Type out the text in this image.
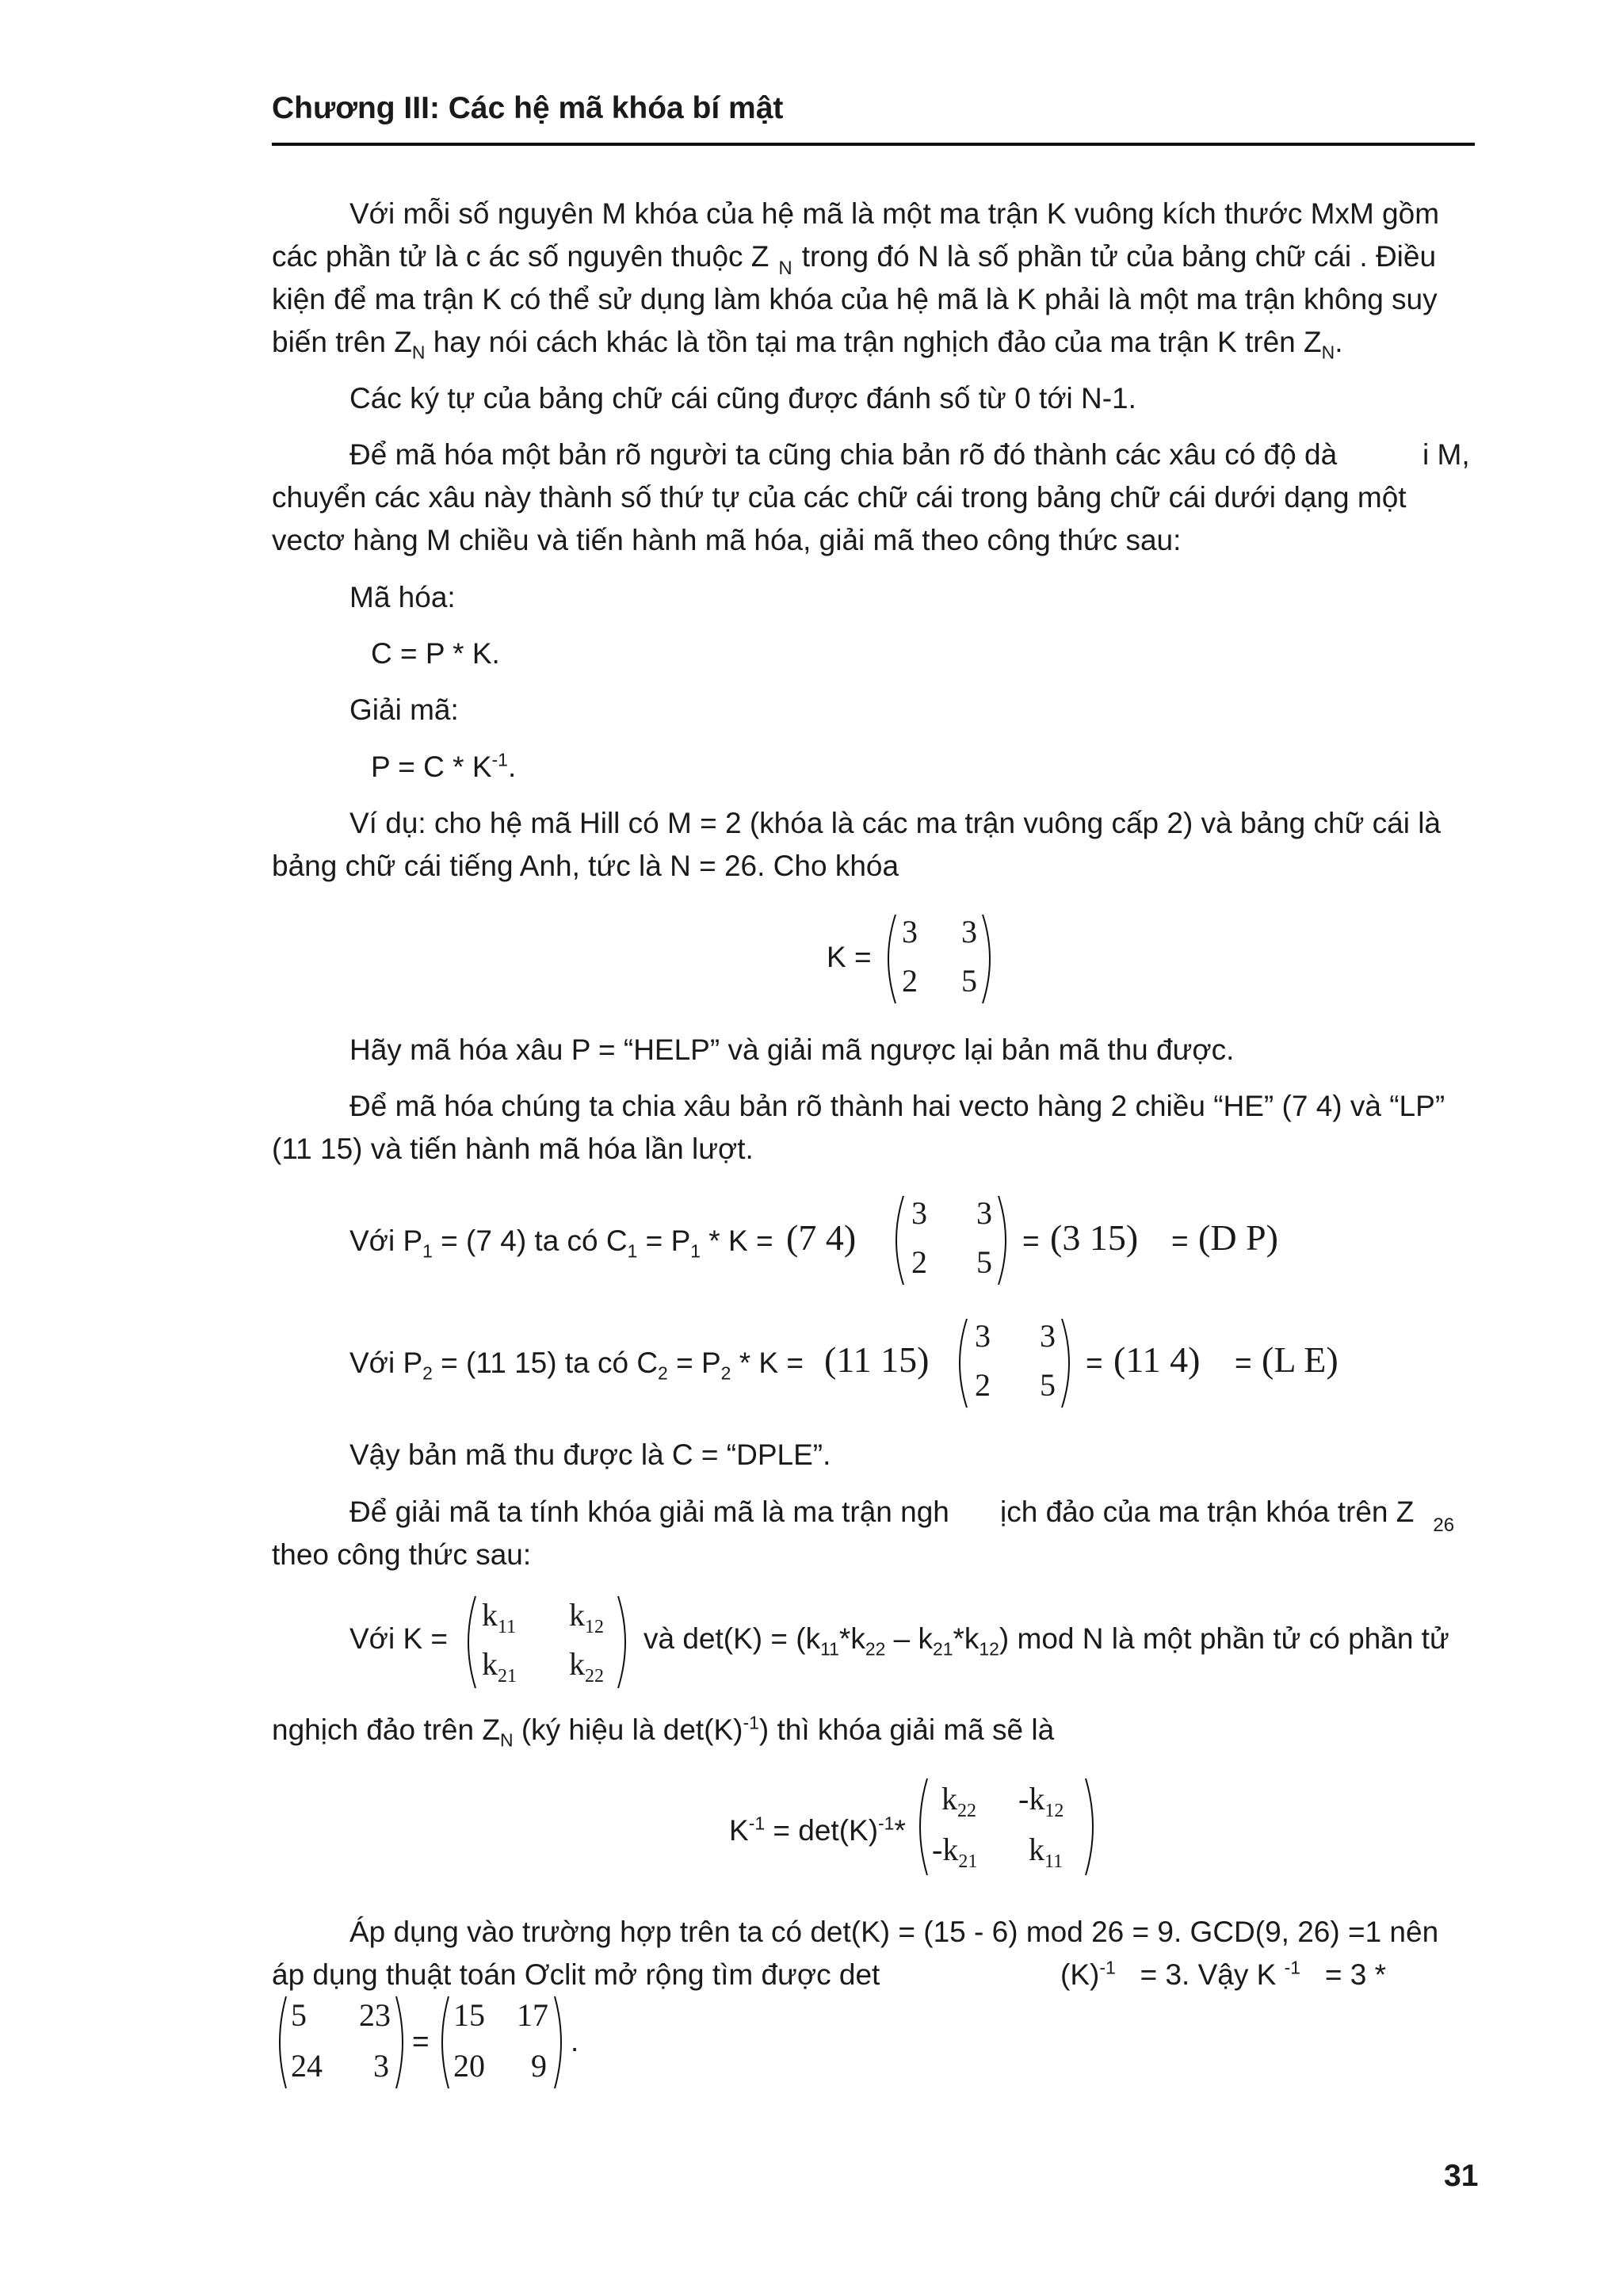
Chương III: Các hệ mã khóa bí mật
Với mỗi số nguyên M khóa của hệ mã là một ma trận K vuông kích thước MxM gồm
các phần tử là c ác số nguyên thuộc Z $_N$ trong đó N là số phần tử của bảng chữ cái . Điều
kiện để ma trận K có thể sử dụng làm khóa của hệ mã là K phải là một ma trận không suy
biến trên $Z_N$ hay nói cách khác là tồn tại ma trận nghịch đảo của ma trận K trên $Z_N$.
Các ký tự của bảng chữ cái cũng được đánh số từ 0 tới N-1.
Để mã hóa một bản rõ người ta cũng chia bản rõ đó thành các xâu có độ dà	i M,
chuyển các xâu này thành số thứ tự của các chữ cái trong bảng chữ cái dưới dạng một
vectơ hàng M chiều và tiến hành mã hóa, giải mã theo công thức sau:
Mã hóa:
C = P * K.
Giải mã:
$P = C * K^{-1}$.
Ví dụ: cho hệ mã Hill có M = 2 (khóa là các ma trận vuông cấp 2) và bảng chữ cái là
bảng chữ cái tiếng Anh, tức là N = 26. Cho khóa
K =
3 3
2 5
Hãy mã hóa xâu P = “HELP” và giải mã ngược lại bản mã thu được.
Để mã hóa chúng ta chia xâu bản rõ thành hai vecto hàng 2 chiều “HE” (7 4) và “LP”
(11 15) và tiến hành mã hóa lần lượt.
Với $P_1 = (7$ 4) ta có $C_1 = P_1 * K = (7$ 4)
3 3
2 5
= (3 15) = (D P)
Với $P_2 = (11$ 15) ta có $C_2 = P_2 * K = (11$ 15)
3 3
2 5
= (11 4) = (L E)
Vậy bản mã thu được là C = “DPLE”.
Để giải mã ta tính khóa giải mã là ma trận ngh ịch đảo của ma trận khóa trên Z $_{26}$
theo công thức sau:
Với K =
$k_{11}$ $k_{12}$
$k_{21}$ $k_{22}$
và $\det(K) = (k_{11}*k_{22} - k_{21}*k_{12})$ mod N là một phần tử có phần tử
nghịch đảo trên $Z_N$ (ký hiệu là $\det(K)^{-1}$) thì khóa giải mã sẽ là
$K^{-1} = \det(K)^{-1}*$
$k_{22}$ $-k_{12}$
$-k_{21}$ $k_{11}$
Áp dụng vào trường hợp trên ta có det(K) = (15 - 6) mod 26 = 9. GCD(9, 26) =1 nên
áp dụng thuật toán Ơclit mở rộng tìm được det	$(K)^{-1} = 3$. Vậy K $^{-1}$ = 3 *
5 23
24 3
=
15 17
20 9
.
31
